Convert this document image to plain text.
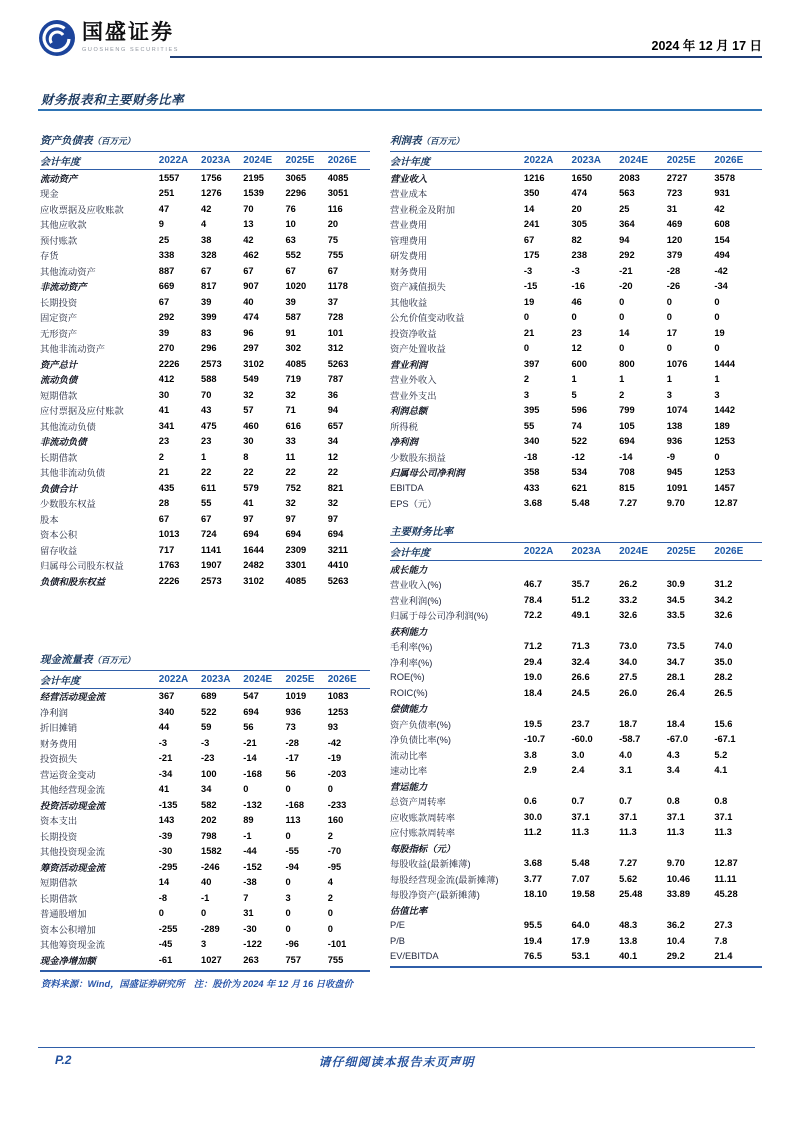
国盛证券
GUOSHENG SECURITIES	2024 年 12 月 17 日
财务报表和主要财务比率
资产负债表（百万元）
会计年度	2022A	2023A	2024E	2025E	2026E
流动资产	1557	1756	2195	3065	4085
现金	251	1276	1539	2296	3051
应收票据及应收账款	47	42	70	76	116
其他应收款	9	4	13	10	20
预付账款	25	38	42	63	75
存货	338	328	462	552	755
其他流动资产	887	67	67	67	67
非流动资产	669	817	907	1020	1178
长期投资	67	39	40	39	37
固定资产	292	399	474	587	728
无形资产	39	83	96	91	101
其他非流动资产	270	296	297	302	312
资产总计	2226	2573	3102	4085	5263
流动负债	412	588	549	719	787
短期借款	30	70	32	32	36
应付票据及应付账款	41	43	57	71	94
其他流动负债	341	475	460	616	657
非流动负债	23	23	30	33	34
长期借款	2	1	8	11	12
其他非流动负债	21	22	22	22	22
负债合计	435	611	579	752	821
少数股东权益	28	55	41	32	32
股本	67	67	97	97	97
资本公积	1013	724	694	694	694
留存收益	717	1141	1644	2309	3211
归属母公司股东权益	1763	1907	2482	3301	4410
负债和股东权益	2226	2573	3102	4085	5263
现金流量表（百万元）
会计年度	2022A	2023A	2024E	2025E	2026E
经营活动现金流	367	689	547	1019	1083
净利润	340	522	694	936	1253
折旧摊销	44	59	56	73	93
财务费用	-3	-3	-21	-28	-42
投资损失	-21	-23	-14	-17	-19
营运资金变动	-34	100	-168	56	-203
其他经营现金流	41	34	0	0	0
投资活动现金流	-135	582	-132	-168	-233
资本支出	143	202	89	113	160
长期投资	-39	798	-1	0	2
其他投资现金流	-30	1582	-44	-55	-70
筹资活动现金流	-295	-246	-152	-94	-95
短期借款	14	40	-38	0	4
长期借款	-8	-1	7	3	2
普通股增加	0	0	31	0	0
资本公积增加	-255	-289	-30	0	0
其他筹资现金流	-45	3	-122	-96	-101
现金净增加额	-61	1027	263	757	755
利润表（百万元）
会计年度	2022A	2023A	2024E	2025E	2026E
营业收入	1216	1650	2083	2727	3578
营业成本	350	474	563	723	931
营业税金及附加	14	20	25	31	42
营业费用	241	305	364	469	608
管理费用	67	82	94	120	154
研发费用	175	238	292	379	494
财务费用	-3	-3	-21	-28	-42
资产减值损失	-15	-16	-20	-26	-34
其他收益	19	46	0	0	0
公允价值变动收益	0	0	0	0	0
投资净收益	21	23	14	17	19
资产处置收益	0	12	0	0	0
营业利润	397	600	800	1076	1444
营业外收入	2	1	1	1	1
营业外支出	3	5	2	3	3
利润总额	395	596	799	1074	1442
所得税	55	74	105	138	189
净利润	340	522	694	936	1253
少数股东损益	-18	-12	-14	-9	0
归属母公司净利润	358	534	708	945	1253
EBITDA	433	621	815	1091	1457
EPS（元）	3.68	5.48	7.27	9.70	12.87
主要财务比率
会计年度	2022A	2023A	2024E	2025E	2026E
成长能力
营业收入(%)	46.7	35.7	26.2	30.9	31.2
营业利润(%)	78.4	51.2	33.2	34.5	34.2
归属于母公司净利润(%)	72.2	49.1	32.6	33.5	32.6
获利能力
毛利率(%)	71.2	71.3	73.0	73.5	74.0
净利率(%)	29.4	32.4	34.0	34.7	35.0
ROE(%)	19.0	26.6	27.5	28.1	28.2
ROIC(%)	18.4	24.5	26.0	26.4	26.5
偿债能力
资产负债率(%)	19.5	23.7	18.7	18.4	15.6
净负债比率(%)	-10.7	-60.0	-58.7	-67.0	-67.1
流动比率	3.8	3.0	4.0	4.3	5.2
速动比率	2.9	2.4	3.1	3.4	4.1
营运能力
总资产周转率	0.6	0.7	0.7	0.8	0.8
应收账款周转率	30.0	37.1	37.1	37.1	37.1
应付账款周转率	11.2	11.3	11.3	11.3	11.3
每股指标（元）
每股收益(最新摊薄)	3.68	5.48	7.27	9.70	12.87
每股经营现金流(最新摊薄)	3.77	7.07	5.62	10.46	11.11
每股净资产(最新摊薄)	18.10	19.58	25.48	33.89	45.28
估值比率
P/E	95.5	64.0	48.3	36.2	27.3
P/B	19.4	17.9	13.8	10.4	7.8
EV/EBITDA	76.5	53.1	40.1	29.2	21.4
资料来源：Wind，国盛证券研究所　注：股价为 2024 年 12 月 16 日收盘价
P.2	请仔细阅读本报告末页声明
